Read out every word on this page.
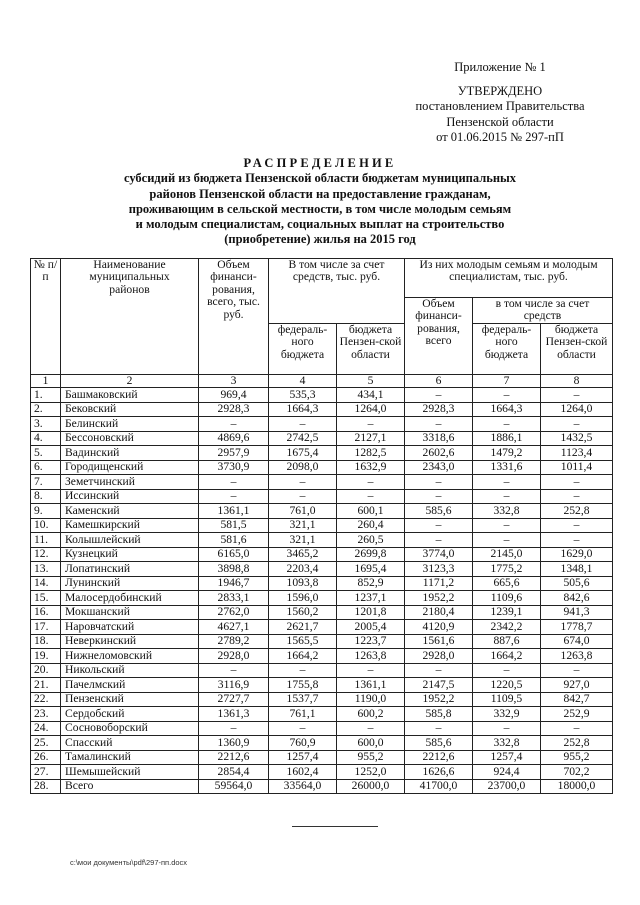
Приложение № 1
УТВЕРЖДЕНО
постановлением Правительства
Пензенской области
от 01.06.2015 № 297-пП
РАСПРЕДЕЛЕНИЕ
субсидий из бюджета Пензенской области бюджетам муниципальных
районов Пензенской области на предоставление гражданам,
проживающим в сельской местности, в том числе молодым семьям
и молодым специалистам, социальных выплат на строительство
(приобретение) жилья на 2015 год
№ п/п	Наименование муниципальных районов	Объем финанси-рования, всего, тыс. руб.	В том числе за счет средств, тыс. руб.		Из них молодым семьям и молодым специалистам, тыс. руб.		
					Объем финанси-рования, всего	в том числе за счет средств	
			федераль-ного бюджета	бюджета Пензен-ской области		федераль-ного бюджета	бюджета Пензен-ской области
1	2	3	4	5	6	7	8
1.	Башмаковский	969,4	535,3	434,1	–	–	–
2.	Бековский	2928,3	1664,3	1264,0	2928,3	1664,3	1264,0
3.	Белинский	–	–	–	–	–	–
4.	Бессоновский	4869,6	2742,5	2127,1	3318,6	1886,1	1432,5
5.	Вадинский	2957,9	1675,4	1282,5	2602,6	1479,2	1123,4
6.	Городищенский	3730,9	2098,0	1632,9	2343,0	1331,6	1011,4
7.	Земетчинский	–	–	–	–	–	–
8.	Иссинский	–	–	–	–	–	–
9.	Каменский	1361,1	761,0	600,1	585,6	332,8	252,8
10.	Камешкирский	581,5	321,1	260,4	–	–	–
11.	Колышлейский	581,6	321,1	260,5	–	–	–
12.	Кузнецкий	6165,0	3465,2	2699,8	3774,0	2145,0	1629,0
13.	Лопатинский	3898,8	2203,4	1695,4	3123,3	1775,2	1348,1
14.	Лунинский	1946,7	1093,8	852,9	1171,2	665,6	505,6
15.	Малосердобинский	2833,1	1596,0	1237,1	1952,2	1109,6	842,6
16.	Мокшанский	2762,0	1560,2	1201,8	2180,4	1239,1	941,3
17.	Наровчатский	4627,1	2621,7	2005,4	4120,9	2342,2	1778,7
18.	Неверкинский	2789,2	1565,5	1223,7	1561,6	887,6	674,0
19.	Нижнеломовский	2928,0	1664,2	1263,8	2928,0	1664,2	1263,8
20.	Никольский	–	–	–	–	–	–
21.	Пачелмский	3116,9	1755,8	1361,1	2147,5	1220,5	927,0
22.	Пензенский	2727,7	1537,7	1190,0	1952,2	1109,5	842,7
23.	Сердобский	1361,3	761,1	600,2	585,8	332,9	252,9
24.	Сосновоборский	–	–	–	–	–	–
25.	Спасский	1360,9	760,9	600,0	585,6	332,8	252,8
26.	Тамалинский	2212,6	1257,4	955,2	2212,6	1257,4	955,2
27.	Шемышейский	2854,4	1602,4	1252,0	1626,6	924,4	702,2
28.	Всего	59564,0	33564,0	26000,0	41700,0	23700,0	18000,0
c:\мои документы\pdf\297-пп.docx
